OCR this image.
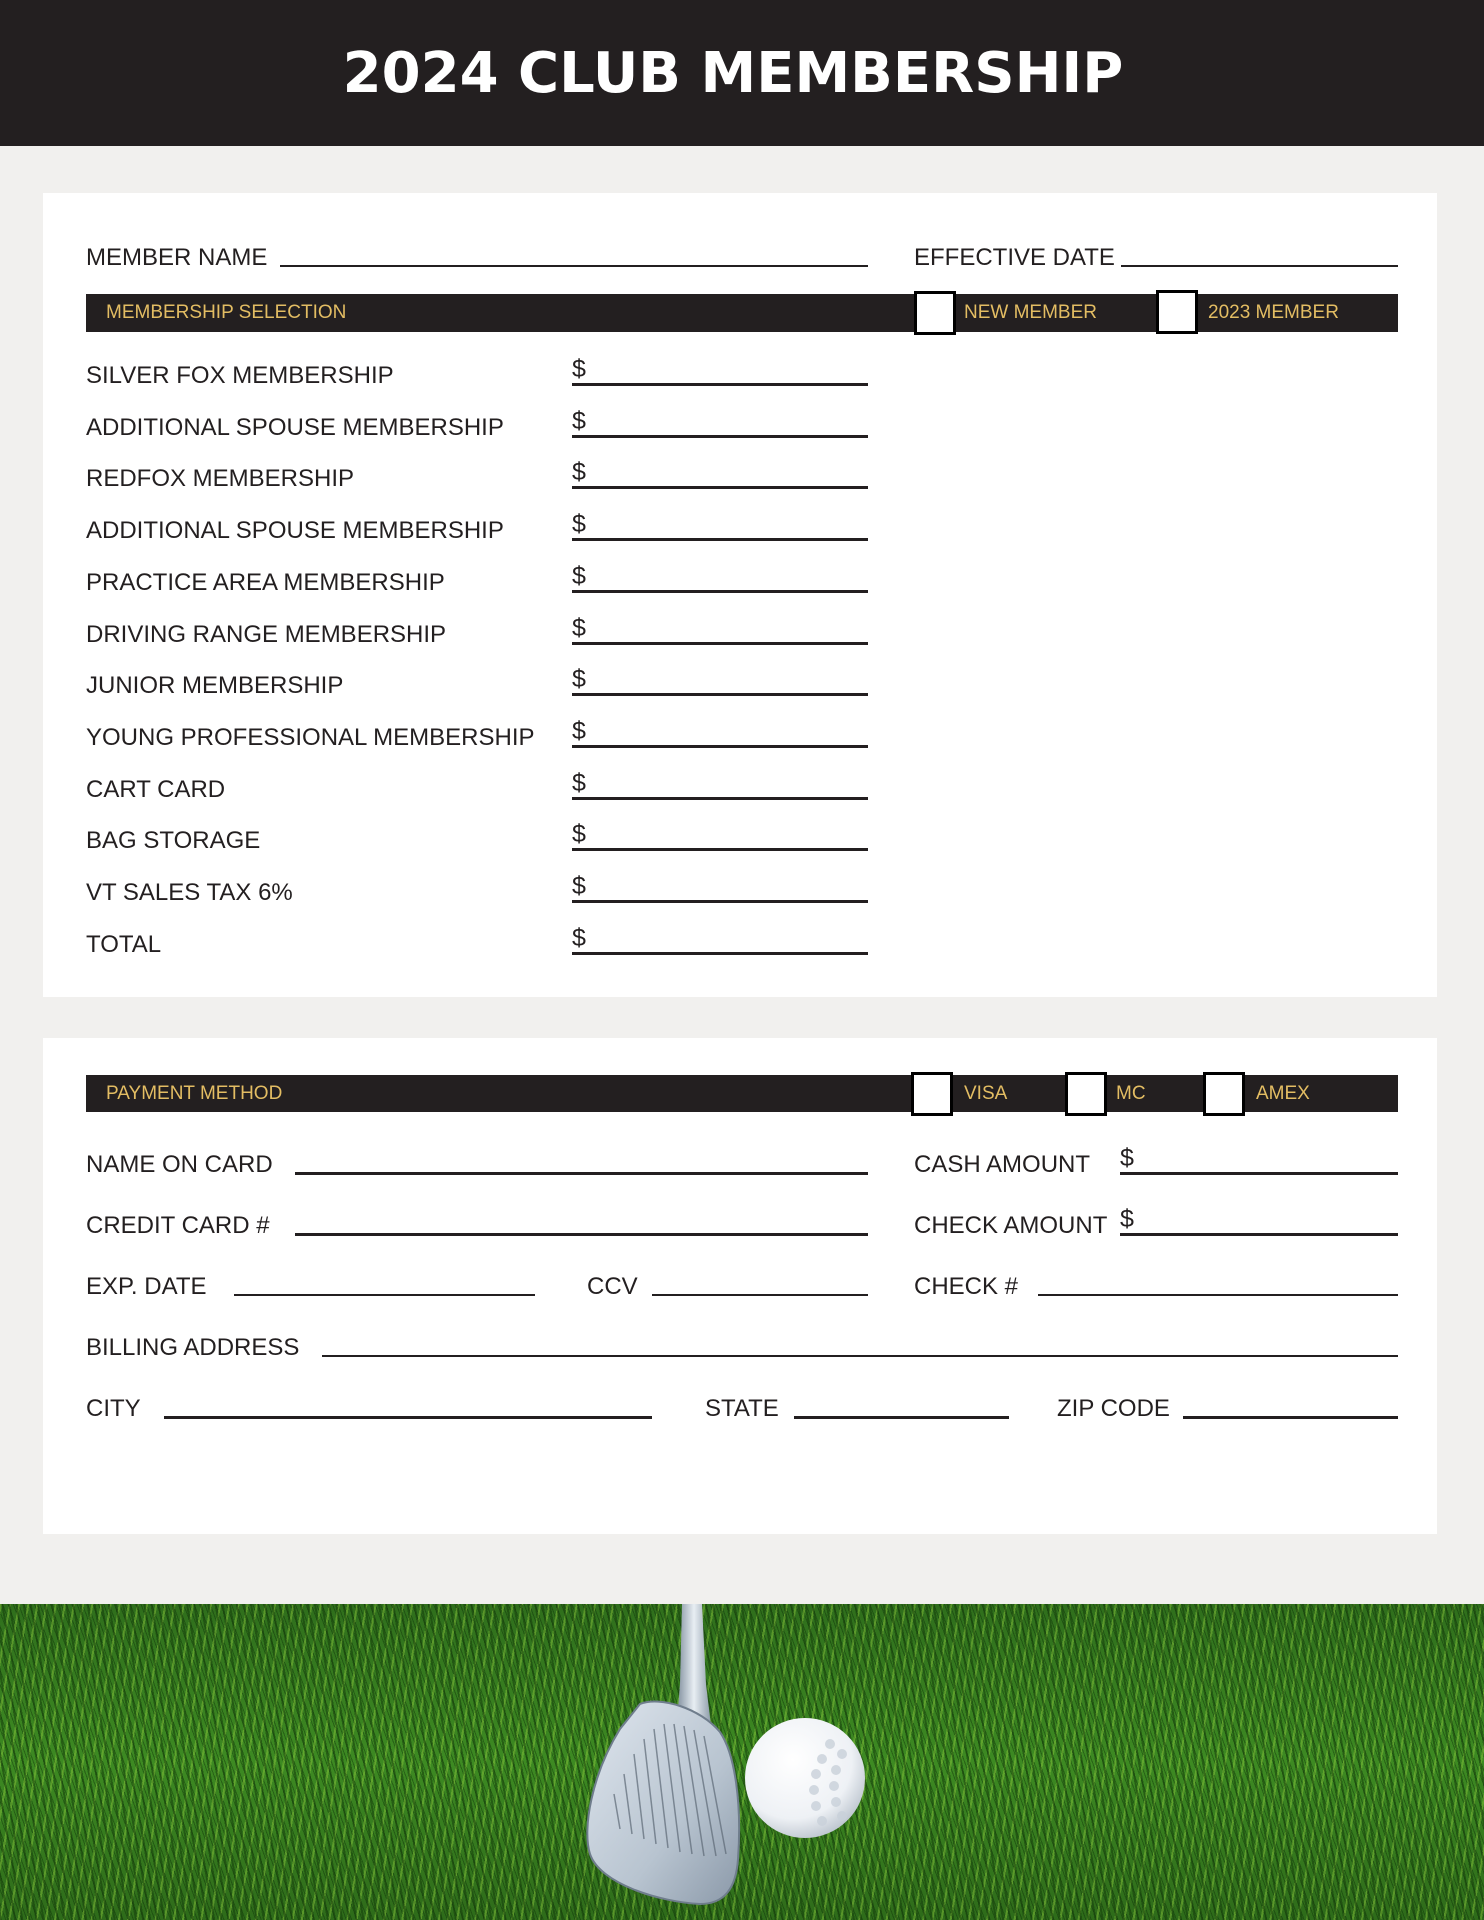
2024 CLUB MEMBERSHIP
MEMBER NAME	EFFECTIVE DATE
MEMBERSHIP SELECTION	NEW MEMBER	2023 MEMBER
SILVER FOX MEMBERSHIP	$
ADDITIONAL SPOUSE MEMBERSHIP	$
REDFOX MEMBERSHIP	$
ADDITIONAL SPOUSE MEMBERSHIP	$
PRACTICE AREA MEMBERSHIP	$
DRIVING RANGE MEMBERSHIP	$
JUNIOR MEMBERSHIP	$
YOUNG PROFESSIONAL MEMBERSHIP $
CART CARD	$
BAG STORAGE	$
VT SALES TAX 6%	$
TOTAL	$
PAYMENT METHOD	VISA	MC	AMEX
NAME ON CARD	CASH AMOUNT $
CREDIT CARD #	CHECK AMOUNT $
EXP. DATE	CCV	CHECK #
BILLING ADDRESS
CITY	STATE	ZIP CODE
